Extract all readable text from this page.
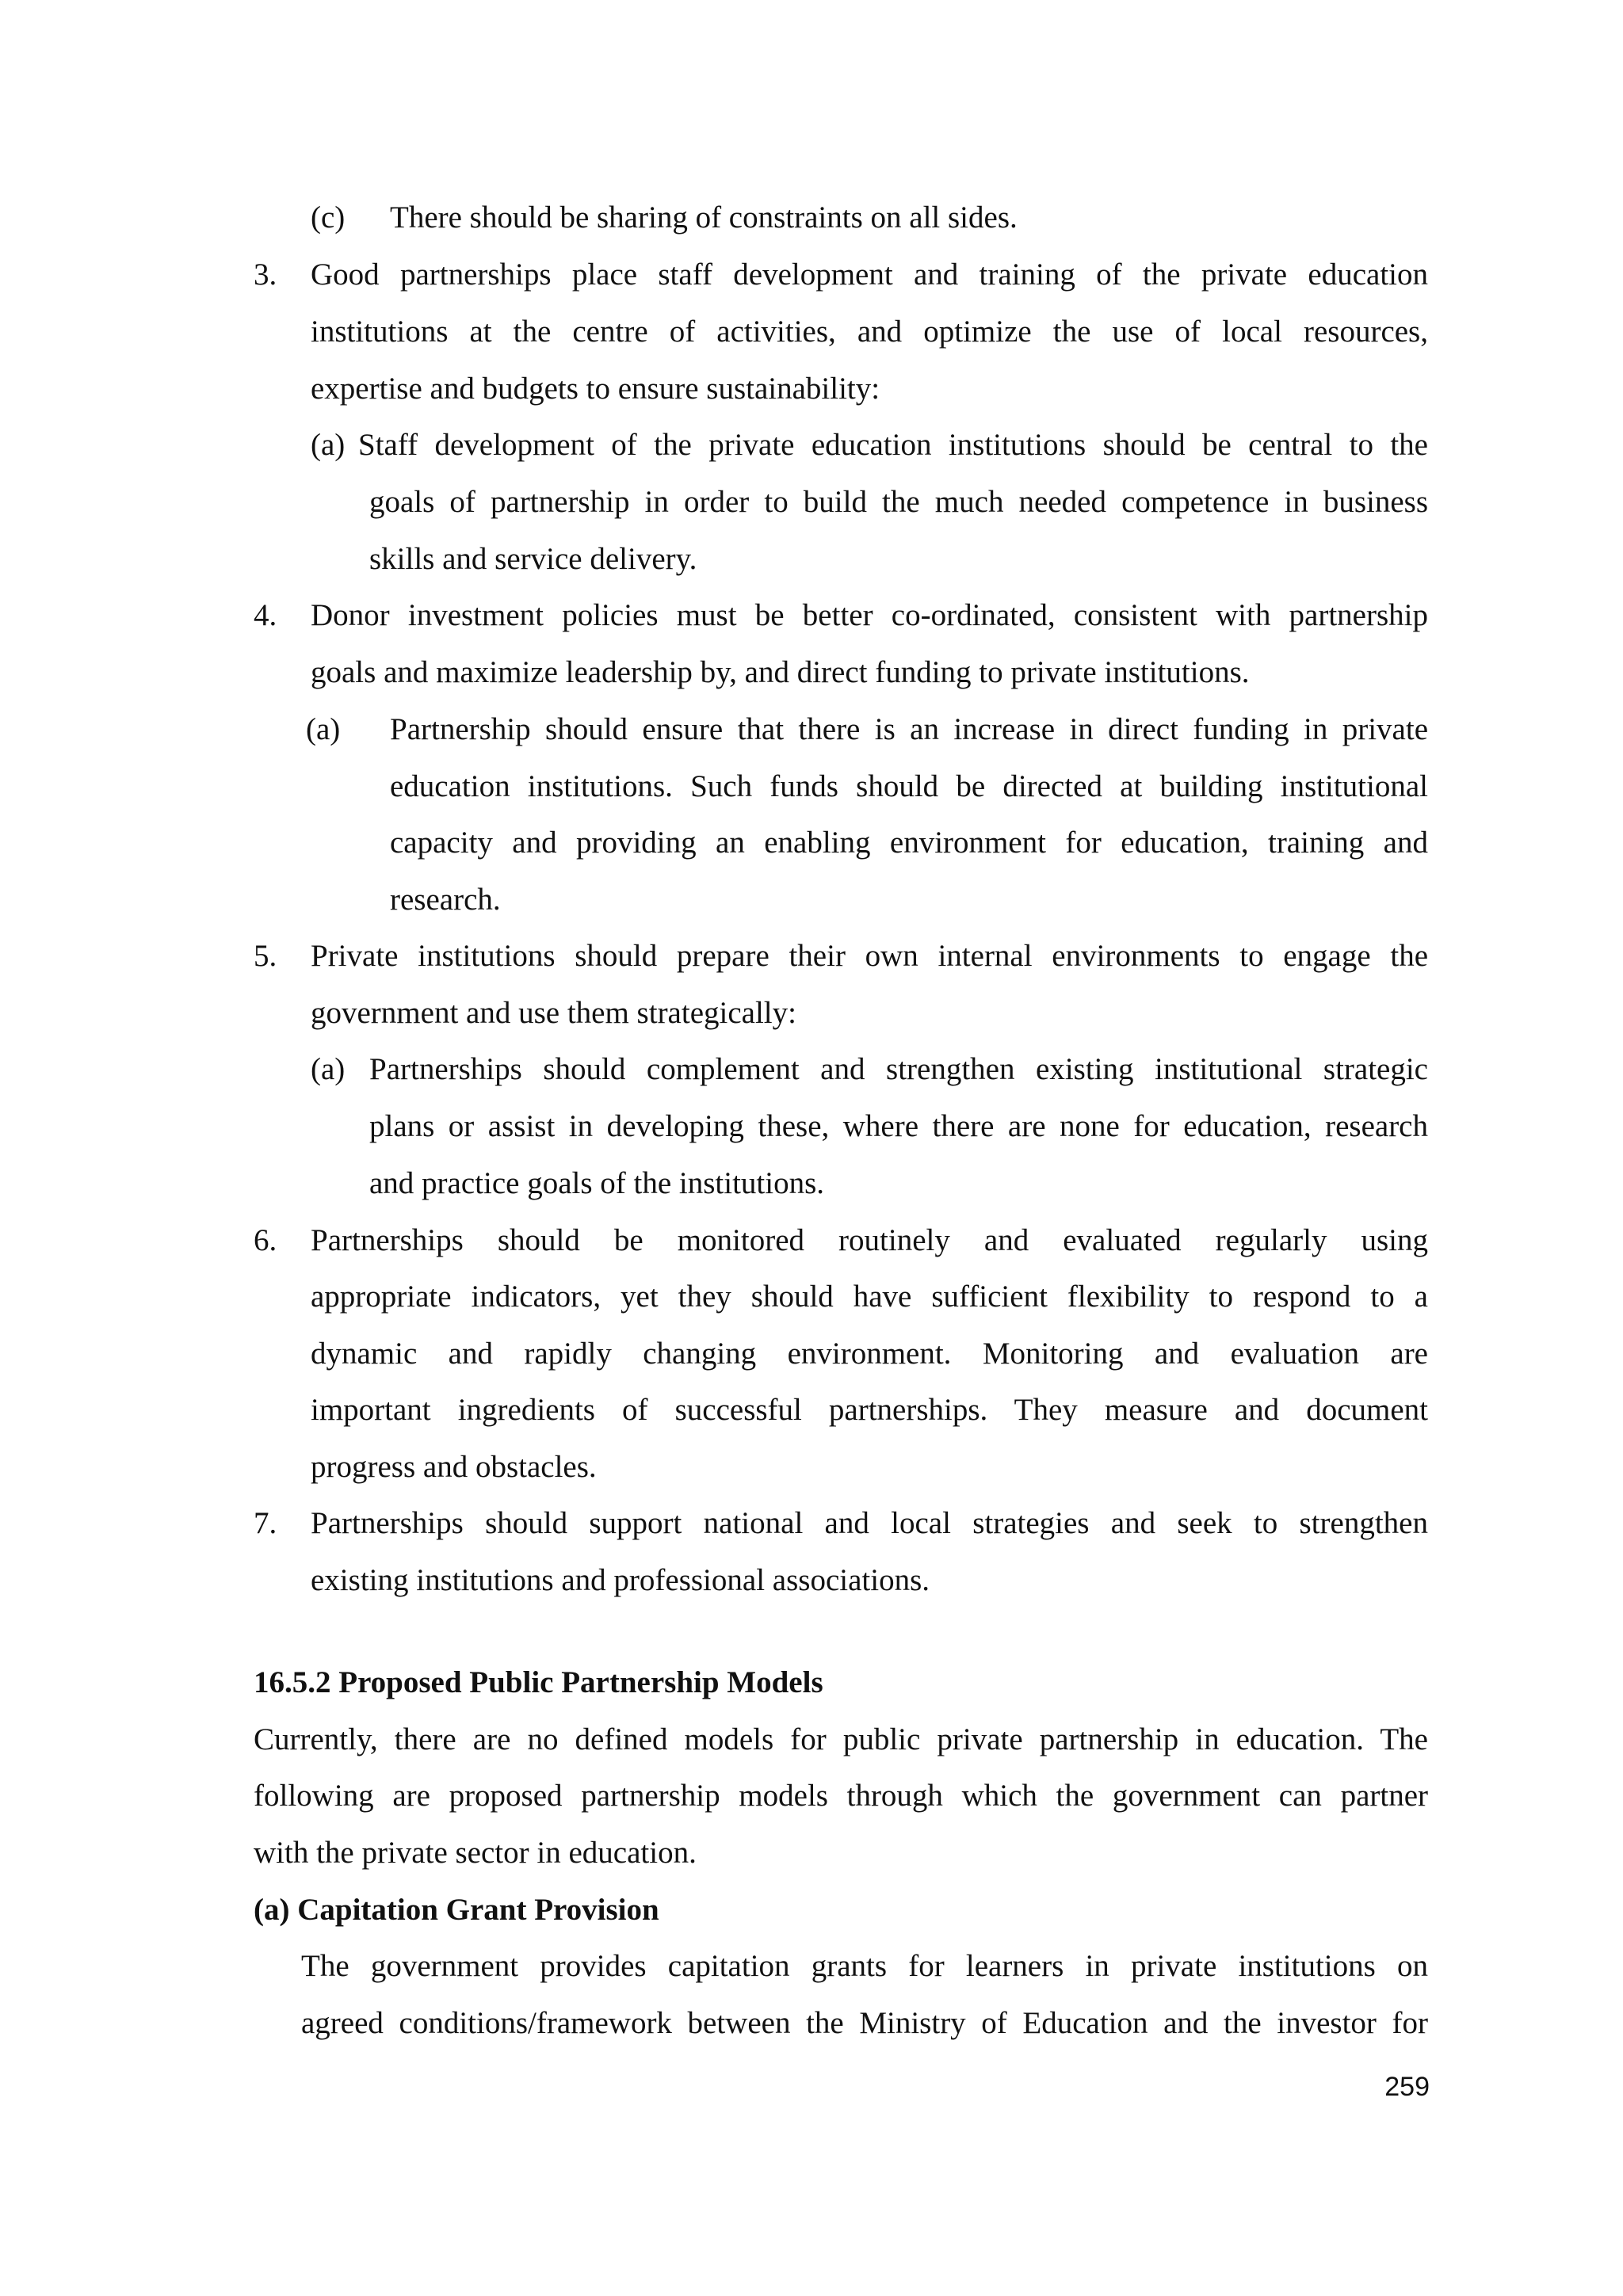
(c) There should be sharing of constraints on all sides.
3. Good partnerships place staff development and training of the private education
institutions at the centre of activities, and optimize the use of local resources,
expertise and budgets to ensure sustainability:
(a) Staff development of the private education institutions should be central to the
goals of partnership in order to build the much needed competence in business
skills and service delivery.
4. Donor investment policies must be better co-ordinated, consistent with partnership
goals and maximize leadership by, and direct funding to private institutions.
(a) Partnership should ensure that there is an increase in direct funding in private
education institutions. Such funds should be directed at building institutional
capacity and providing an enabling environment for education, training and
research.
5. Private institutions should prepare their own internal environments to engage the
government and use them strategically:
(a) Partnerships should complement and strengthen existing institutional strategic
plans or assist in developing these, where there are none for education, research
and practice goals of the institutions.
6. Partnerships should be monitored routinely and evaluated regularly using
appropriate indicators, yet they should have sufficient flexibility to respond to a
dynamic and rapidly changing environment. Monitoring and evaluation are
important ingredients of successful partnerships. They measure and document
progress and obstacles.
7. Partnerships should support national and local strategies and seek to strengthen
existing institutions and professional associations.
16.5.2 Proposed Public Partnership Models
Currently, there are no defined models for public private partnership in education. The
following are proposed partnership models through which the government can partner
with the private sector in education.
(a) Capitation Grant Provision
The government provides capitation grants for learners in private institutions on
agreed conditions/framework between the Ministry of Education and the investor for
259
